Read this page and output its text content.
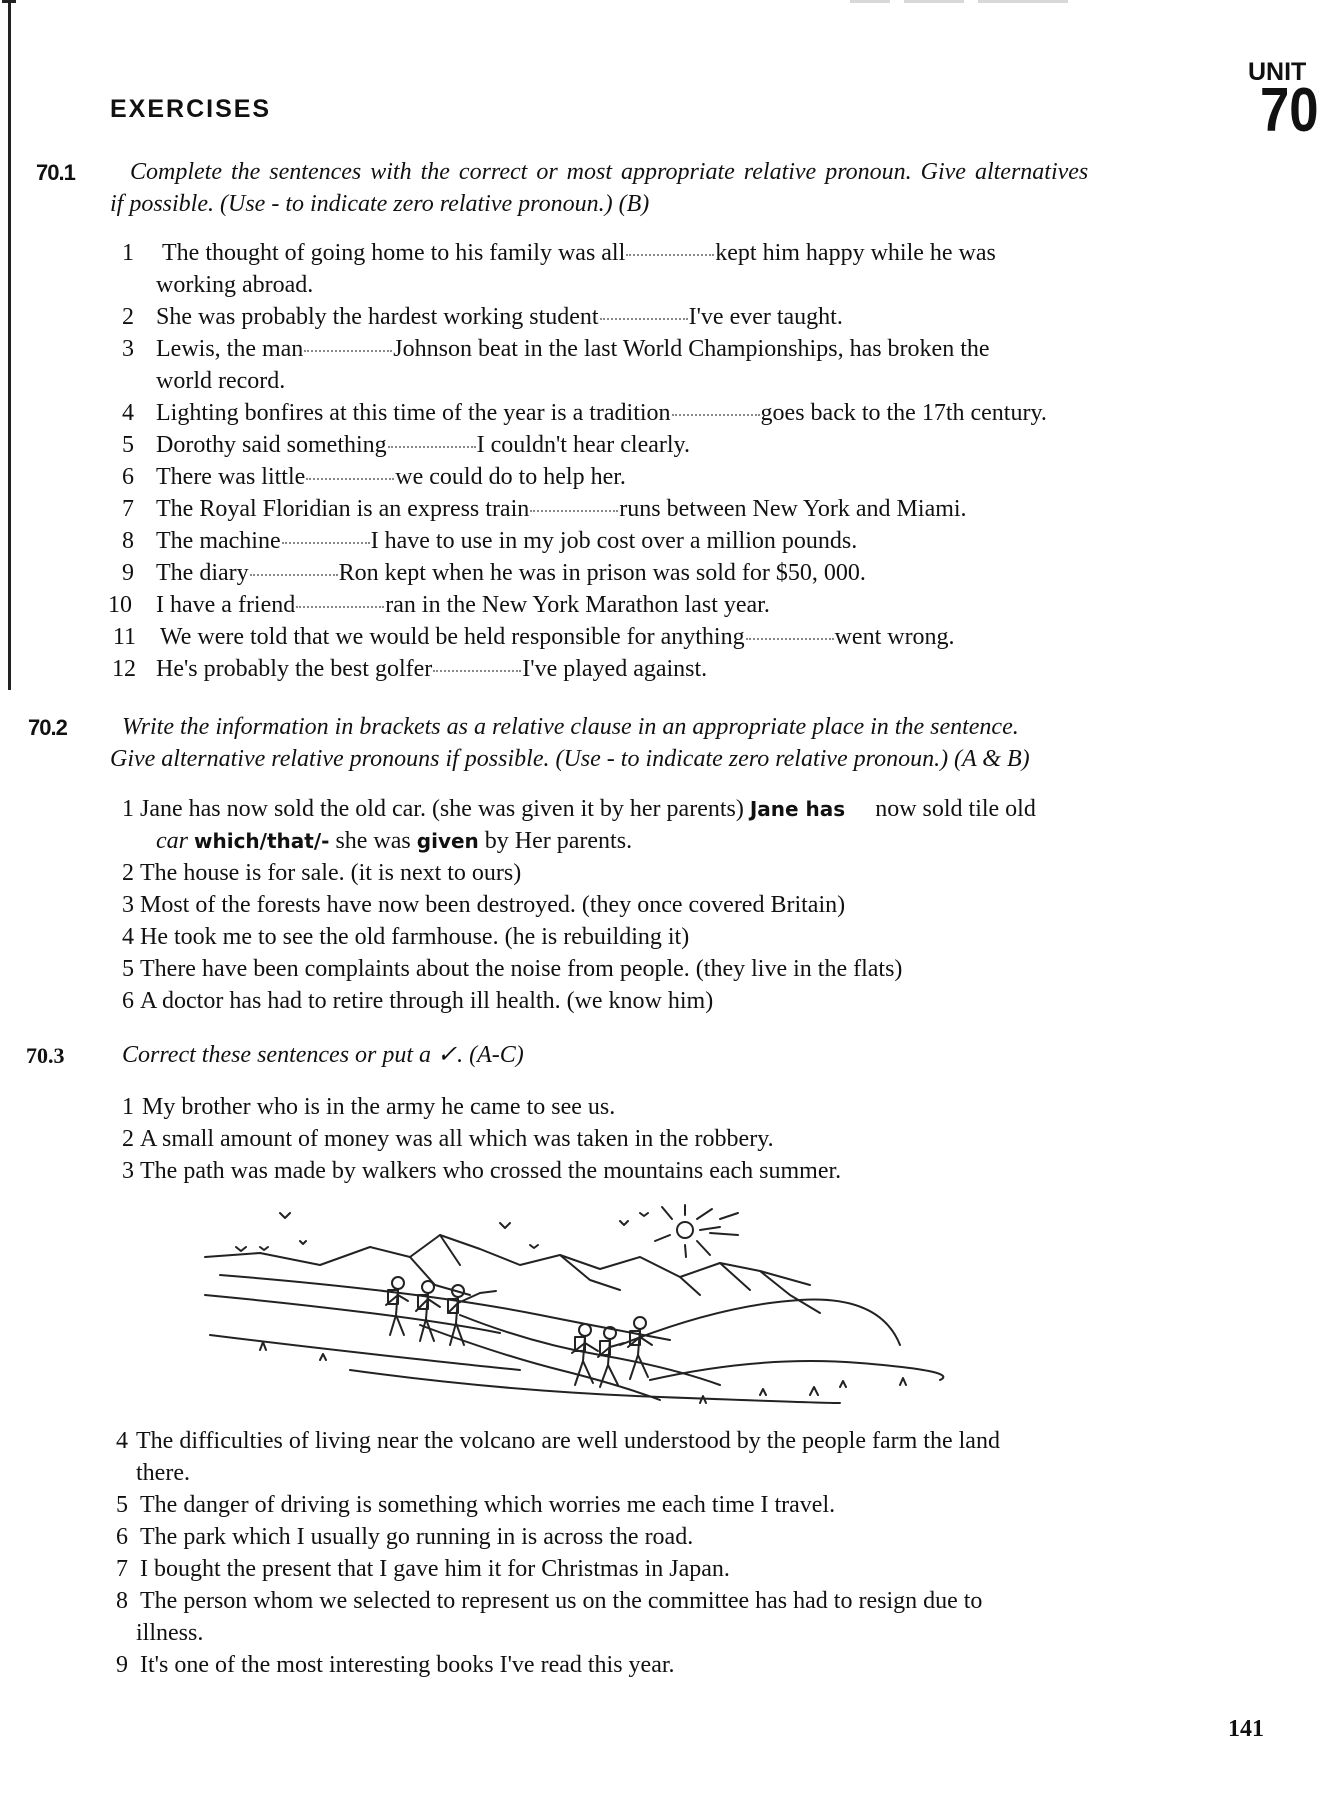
EXERCISES
UNIT
70
70.1 Complete the sentences with the correct or most appropriate relative pronoun. Give alternatives
if possible. (Use - to indicate zero relative pronoun.) (B)
1 The thought of going home to his family was all	kept him happy while he was
working abroad.
2 She was probably the hardest working student	I've ever taught.
3 Lewis, the man	Johnson beat in the last World Championships, has broken the
world record.
4 Lighting bonfires at this time of the year is a tradition	goes back to the 17th century.
5 Dorothy said something	I couldn't hear clearly.
6 There was little	we could do to help her.
7 The Royal Floridian is an express train	runs between New York and Miami.
8 The machine	I have to use in my job cost over a million pounds.
9 The diary	Ron kept when he was in prison was sold for $50, 000.
10 I have a friend	ran in the New York Marathon last year.
11 We were told that we would be held responsible for anything	went wrong.
12 He's probably the best golfer	I've played against.
70.2 Write the information in brackets as a relative clause in an appropriate place in the sentence.
Give alternative relative pronouns if possible. (Use - to indicate zero relative pronoun.) (A & B)
1 Jane has now sold the old car. (she was given it by her parents) Jane has now sold tile old
car which/that/- she was given by Her parents.
2 The house is for sale. (it is next to ours)
3 Most of the forests have now been destroyed. (they once covered Britain)
4 He took me to see the old farmhouse. (he is rebuilding it)
5 There have been complaints about the noise from people. (they live in the flats)
6 A doctor has had to retire through ill health. (we know him)
70.3 Correct these sentences or put a ✓. (A-C)
1 My brother who is in the army he came to see us.
2 A small amount of money was all which was taken in the robbery.
3 The path was made by walkers who crossed the mountains each summer.
4 The difficulties of living near the volcano are well understood by the people farm the land
there.
5 The danger of driving is something which worries me each time I travel.
6 The park which I usually go running in is across the road.
7 I bought the present that I gave him it for Christmas in Japan.
8 The person whom we selected to represent us on the committee has had to resign due to
illness.
9 It's one of the most interesting books I've read this year.
141
